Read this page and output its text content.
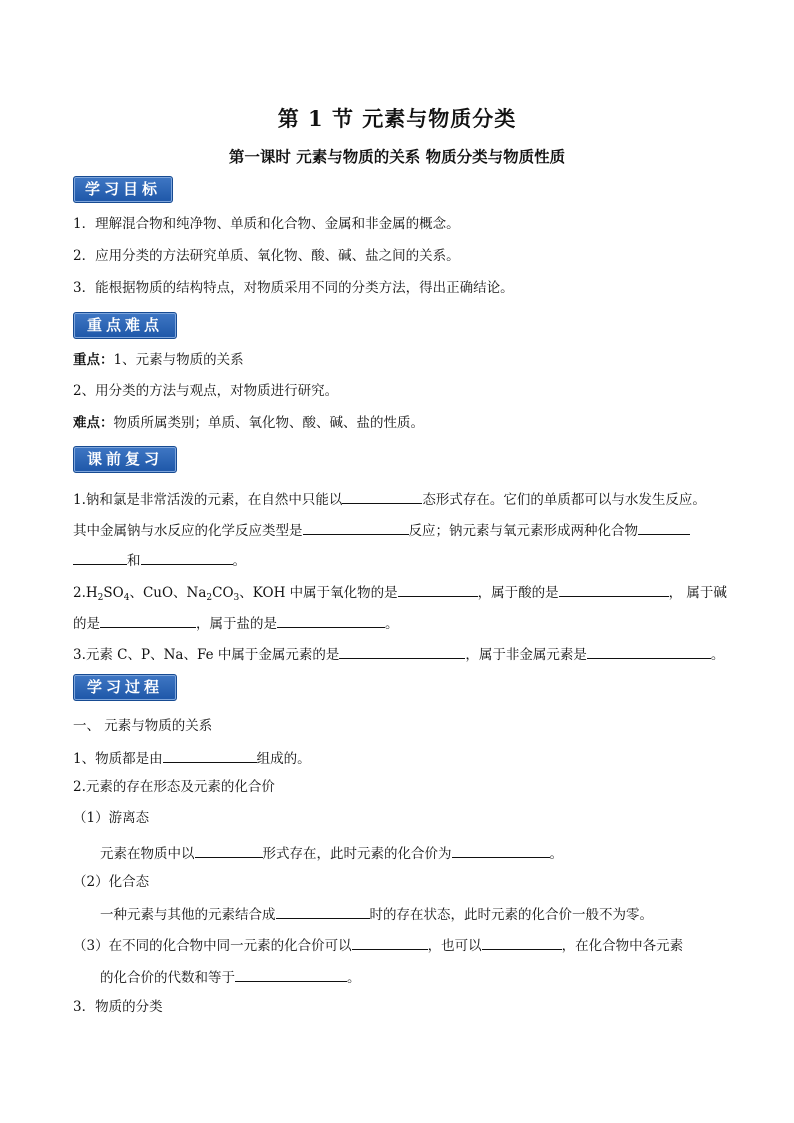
第 1 节 元素与物质分类
第一课时 元素与物质的关系 物质分类与物质性质
学习目标
1．理解混合物和纯净物、单质和化合物、金属和非金属的概念。
2．应用分类的方法研究单质、氧化物、酸、碱、盐之间的关系。
3．能根据物质的结构特点，对物质采用不同的分类方法，得出正确结论。
重点难点
重点：1、元素与物质的关系
2、用分类的方法与观点，对物质进行研究。
难点：物质所属类别；单质、氧化物、酸、碱、盐的性质。
课前复习
1.钠和氯是非常活泼的元素，在自然中只能以	态形式存在。它们的单质都可以与水发生反应。
其中金属钠与水反应的化学反应类型是	反应；钠元素与氧元素形成两种化合物
和	。
$2.H_2SO_4$、CuO、$Na_2CO_3$、KOH 中属于氧化物的是	，属于酸的是	， 属于碱
的是	，属于盐的是	。
3.元素 C、P、Na、Fe 中属于金属元素的是	，属于非金属元素是	。
学习过程
一、 元素与物质的关系
1、物质都是由	组成的。
2.元素的存在形态及元素的化合价
（1）游离态
元素在物质中以	形式存在，此时元素的化合价为	。
（2）化合态
一种元素与其他的元素结合成	时的存在状态，此时元素的化合价一般不为零。
（3）在不同的化合物中同一元素的化合价可以	，也可以	，在化合物中各元素
的化合价的代数和等于	。
3．物质的分类
